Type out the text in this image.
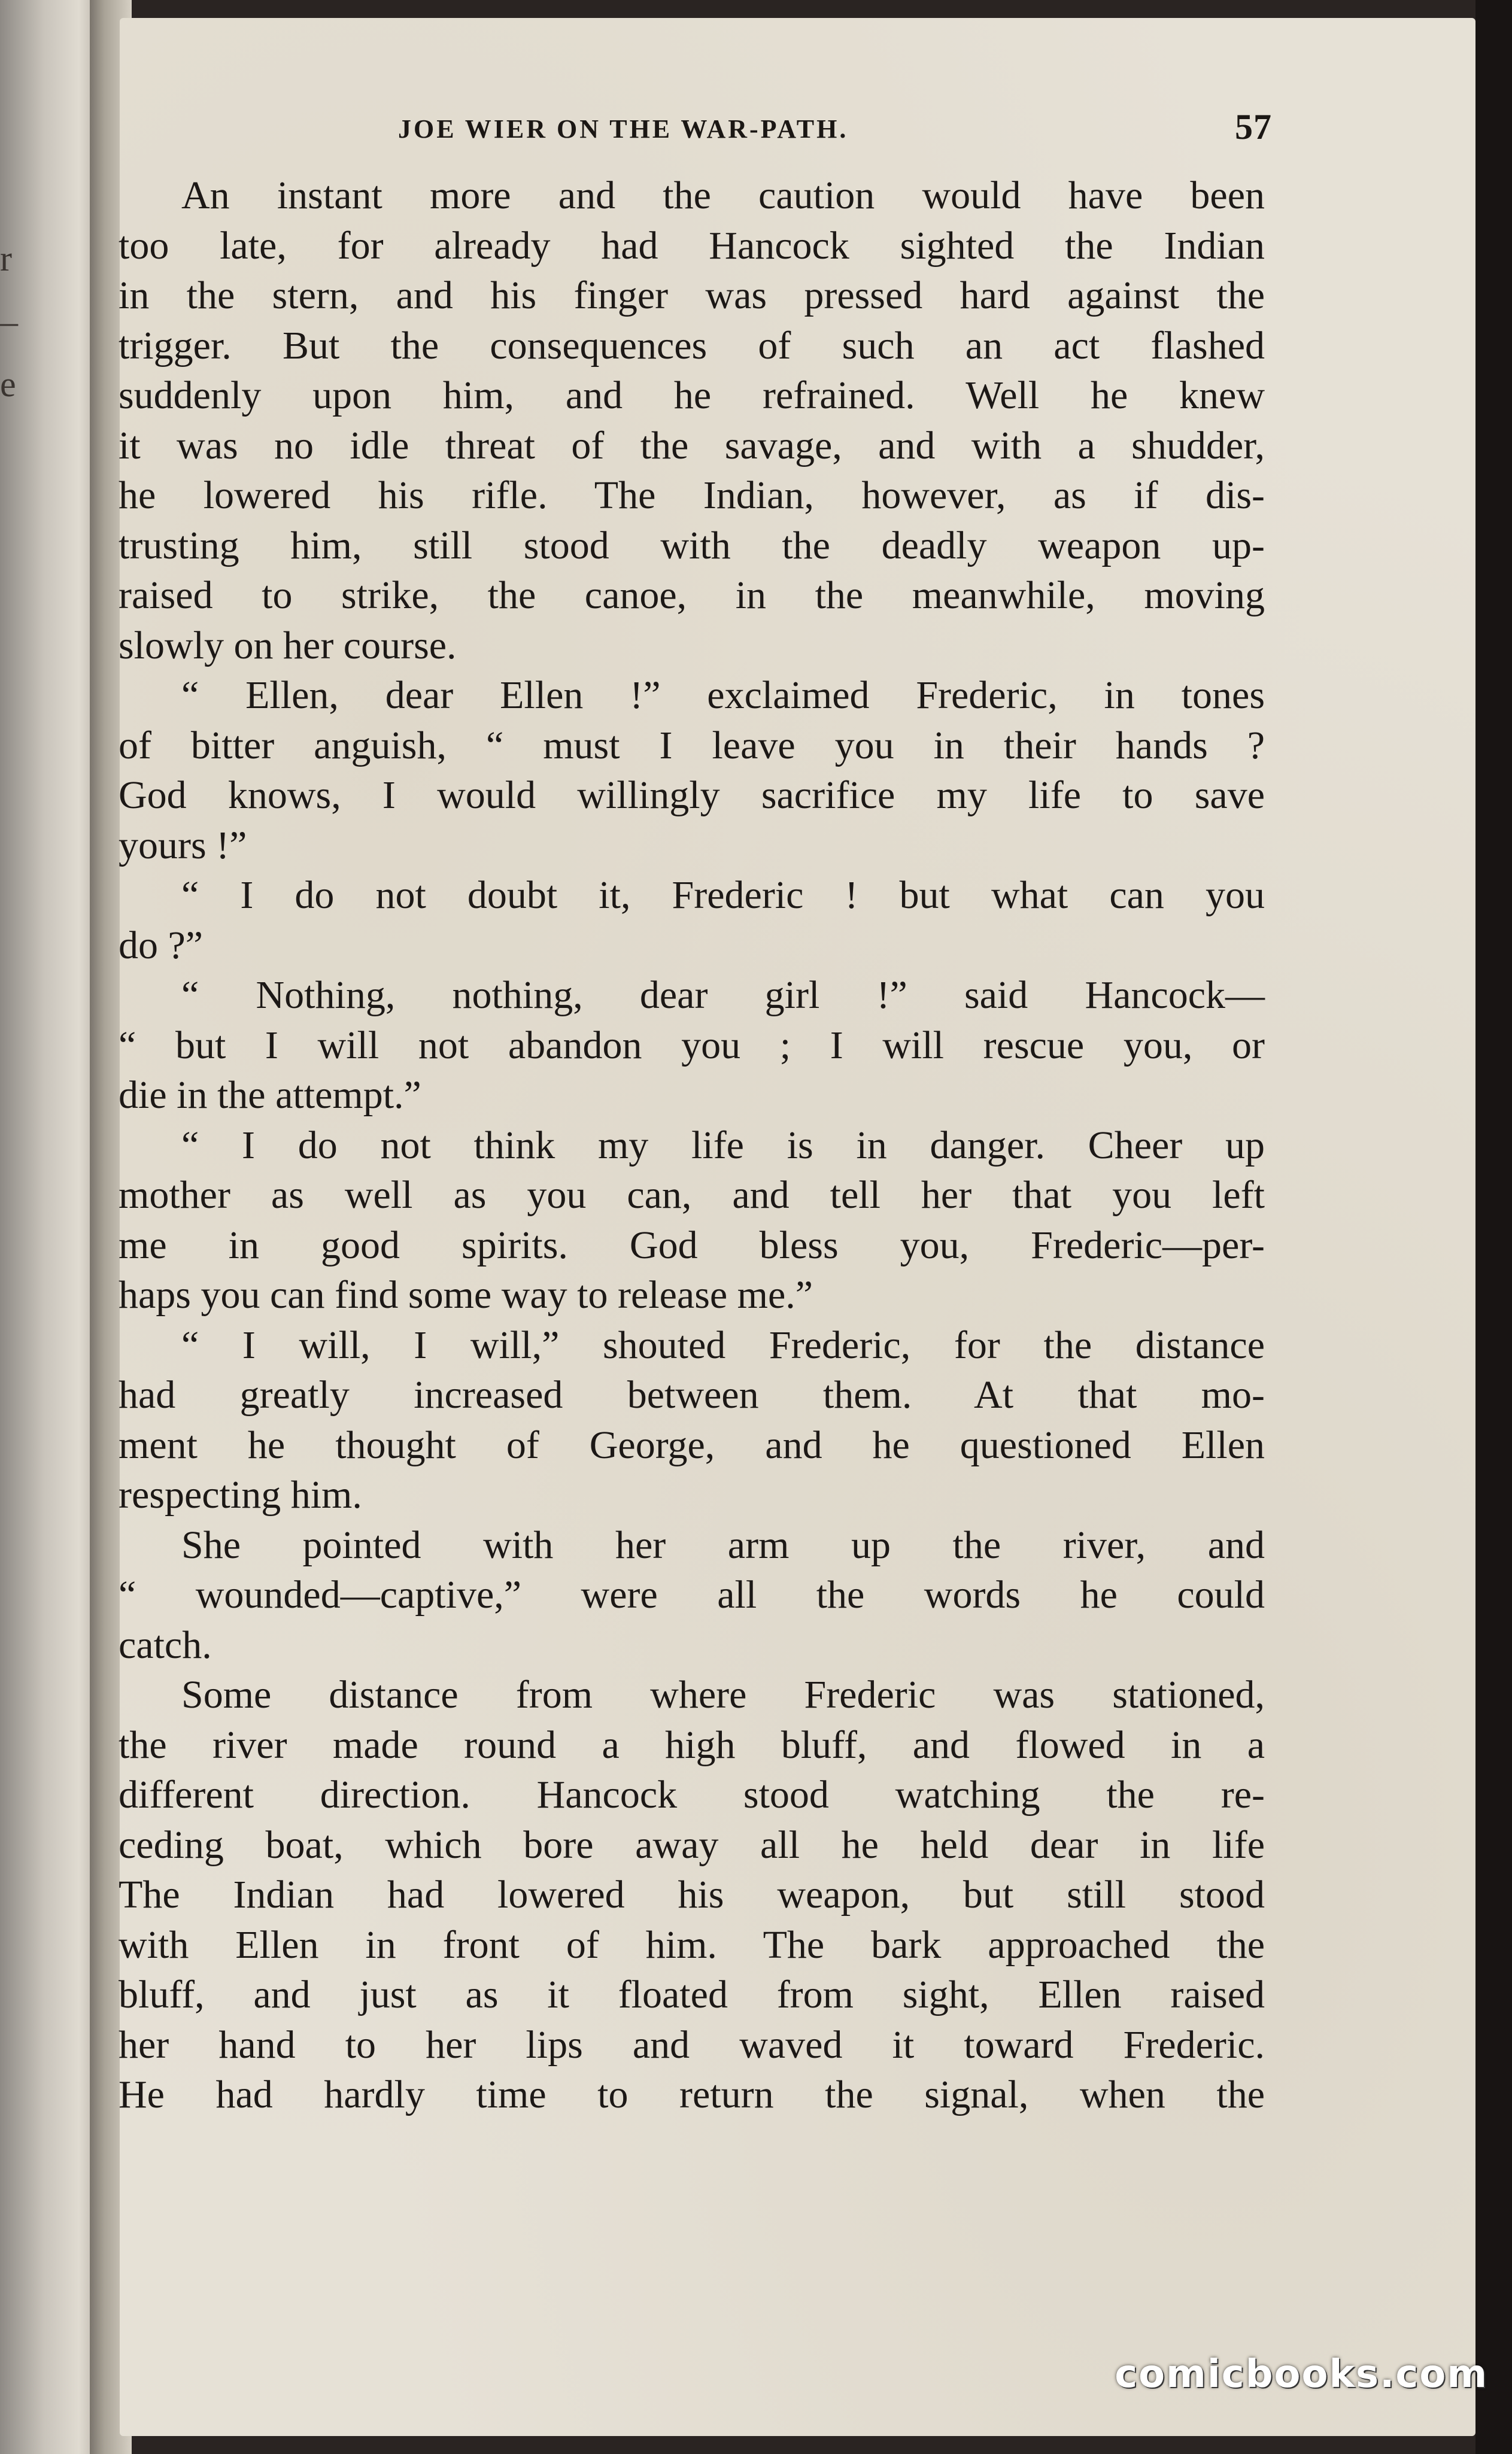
r
–
e
JOE WIER ON THE WAR-PATH.	57
An instant more and the caution would have been
too late, for already had Hancock sighted the Indian
in the stern, and his finger was pressed hard against the
trigger. But the consequences of such an act flashed
suddenly upon him, and he refrained. Well he knew
it was no idle threat of the savage, and with a shudder,
he lowered his rifle. The Indian, however, as if dis-
trusting him, still stood with the deadly weapon up-
raised to strike, the canoe, in the meanwhile, moving
slowly on her course.
“ Ellen, dear Ellen !” exclaimed Frederic, in tones
of bitter anguish, “ must I leave you in their hands ?
God knows, I would willingly sacrifice my life to save
yours !”
“ I do not doubt it, Frederic ! but what can you
do ?”
“ Nothing, nothing, dear girl !” said Hancock—
“ but I will not abandon you ; I will rescue you, or
die in the attempt.”
“ I do not think my life is in danger. Cheer up
mother as well as you can, and tell her that you left
me in good spirits. God bless you, Frederic—per-
haps you can find some way to release me.”
“ I will, I will,” shouted Frederic, for the distance
had greatly increased between them. At that mo-
ment he thought of George, and he questioned Ellen
respecting him.
She pointed with her arm up the river, and
“ wounded—captive,” were all the words he could
catch.
Some distance from where Frederic was stationed,
the river made round a high bluff, and flowed in a
different direction. Hancock stood watching the re-
ceding boat, which bore away all he held dear in life
The Indian had lowered his weapon, but still stood
with Ellen in front of him. The bark approached the
bluff, and just as it floated from sight, Ellen raised
her hand to her lips and waved it toward Frederic.
He had hardly time to return the signal, when the
comicbooks.com
